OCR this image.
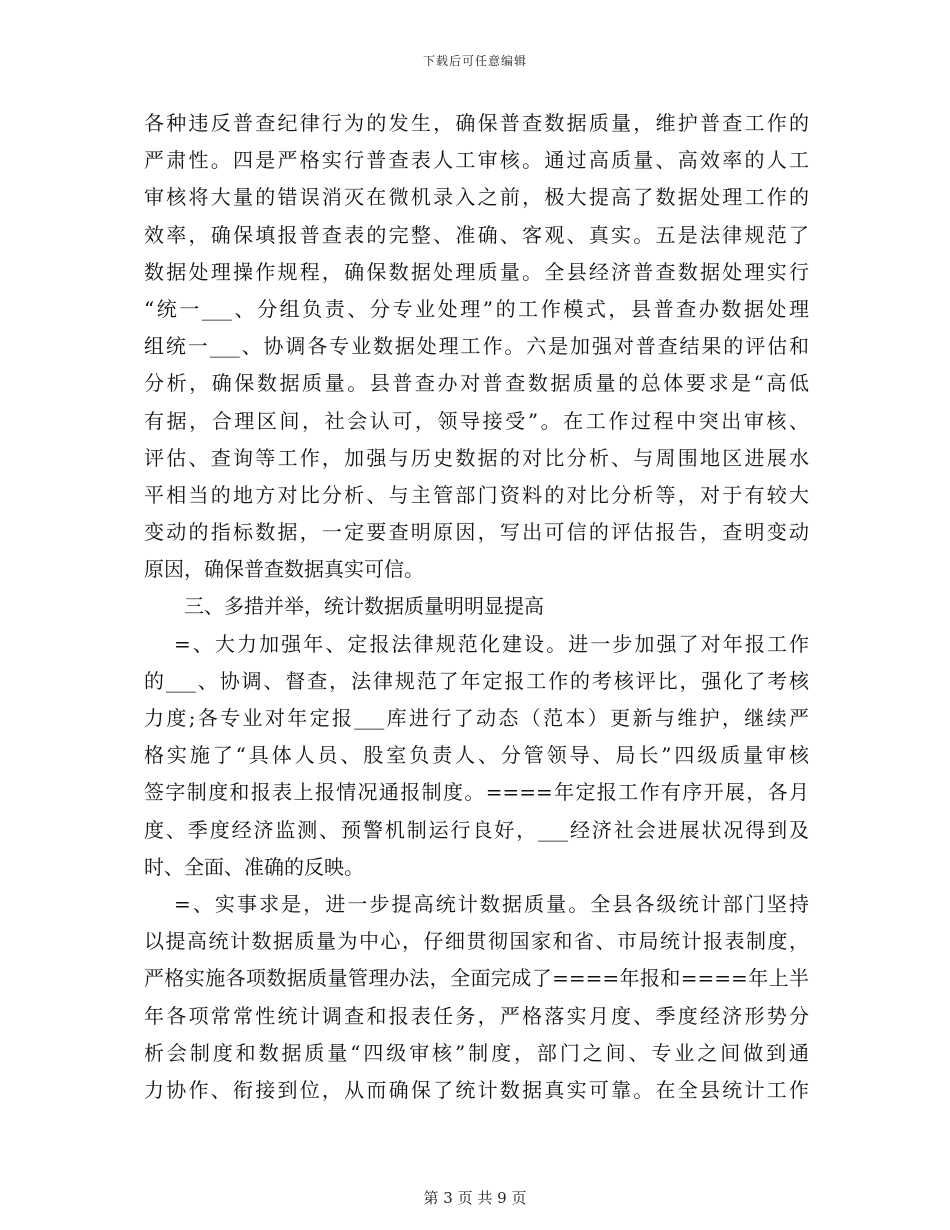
下载后可任意编辑
各种违反普查纪律行为的发生，确保普查数据质量，维护普查工作的
严肃性。四是严格实行普查表人工审核。通过高质量、高效率的人工
审核将大量的错误消灭在微机录入之前，极大提高了数据处理工作的
效率，确保填报普查表的完整、准确、客观、真实。五是法律规范了
数据处理操作规程，确保数据处理质量。全县经济普查数据处理实行
“统一___、分组负责、分专业处理”的工作模式，县普查办数据处理
组统一___、协调各专业数据处理工作。六是加强对普查结果的评估和
分析，确保数据质量。县普查办对普查数据质量的总体要求是“高低
有据，合理区间，社会认可，领导接受”。在工作过程中突出审核、
评估、查询等工作，加强与历史数据的对比分析、与周围地区进展水
平相当的地方对比分析、与主管部门资料的对比分析等，对于有较大
变动的指标数据，一定要查明原因，写出可信的评估报告，查明变动
原因，确保普查数据真实可信。
三、多措并举，统计数据质量明明显提高
=、大力加强年、定报法律规范化建设。进一步加强了对年报工作
的___、协调、督查，法律规范了年定报工作的考核评比，强化了考核
力度;各专业对年定报___库进行了动态（范本）更新与维护，继续严
格实施了“具体人员、股室负责人、分管领导、局长”四级质量审核
签字制度和报表上报情况通报制度。====年定报工作有序开展，各月
度、季度经济监测、预警机制运行良好，___经济社会进展状况得到及
时、全面、准确的反映。
=、实事求是，进一步提高统计数据质量。全县各级统计部门坚持
以提高统计数据质量为中心，仔细贯彻国家和省、市局统计报表制度，
严格实施各项数据质量管理办法，全面完成了====年报和====年上半
年各项常常性统计调查和报表任务，严格落实月度、季度经济形势分
析会制度和数据质量“四级审核”制度，部门之间、专业之间做到通
力协作、衔接到位，从而确保了统计数据真实可靠。在全县统计工作
第 3 页 共 9 页
